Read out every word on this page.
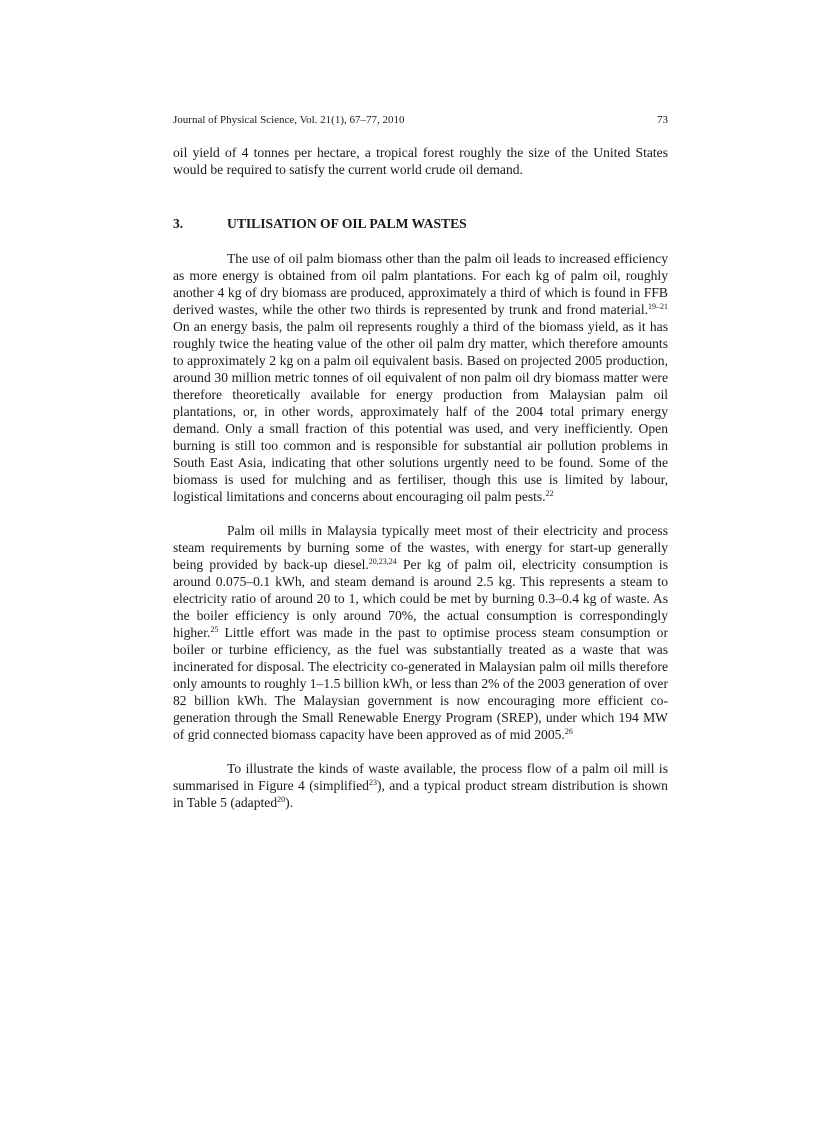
Journal of Physical Science, Vol. 21(1), 67–77, 2010	73

oil yield of 4 tonnes per hectare, a tropical forest roughly the size of the United States would be required to satisfy the current world crude oil demand.

3.	UTILISATION OF OIL PALM WASTES

The use of oil palm biomass other than the palm oil leads to increased efficiency as more energy is obtained from oil palm plantations. For each kg of palm oil, roughly another 4 kg of dry biomass are produced, approximately a third of which is found in FFB derived wastes, while the other two thirds is represented by trunk and frond material.$^{19-21}$ On an energy basis, the palm oil represents roughly a third of the biomass yield, as it has roughly twice the heating value of the other oil palm dry matter, which therefore amounts to approximately 2 kg on a palm oil equivalent basis. Based on projected 2005 production, around 30 million metric tonnes of oil equivalent of non palm oil dry biomass matter were therefore theoretically available for energy production from Malaysian palm oil plantations, or, in other words, approximately half of the 2004 total primary energy demand. Only a small fraction of this potential was used, and very inefficiently. Open burning is still too common and is responsible for substantial air pollution problems in South East Asia, indicating that other solutions urgently need to be found. Some of the biomass is used for mulching and as fertiliser, though this use is limited by labour, logistical limitations and concerns about encouraging oil palm pests.$^{22}$

Palm oil mills in Malaysia typically meet most of their electricity and process steam requirements by burning some of the wastes, with energy for start-up generally being provided by back-up diesel.$^{20,23,24}$ Per kg of palm oil, electricity consumption is around 0.075–0.1 kWh, and steam demand is around 2.5 kg. This represents a steam to electricity ratio of around 20 to 1, which could be met by burning 0.3–0.4 kg of waste. As the boiler efficiency is only around 70%, the actual consumption is correspondingly higher.$^{25}$ Little effort was made in the past to optimise process steam consumption or boiler or turbine efficiency, as the fuel was substantially treated as a waste that was incinerated for disposal. The electricity co-generated in Malaysian palm oil mills therefore only amounts to roughly 1–1.5 billion kWh, or less than 2% of the 2003 generation of over 82 billion kWh. The Malaysian government is now encouraging more efficient co-generation through the Small Renewable Energy Program (SREP), under which 194 MW of grid connected biomass capacity have been approved as of mid 2005.26

To illustrate the kinds of waste available, the process flow of a palm oil mill is summarised in Figure 4 (simplified$^{23}$), and a typical product stream distribution is shown in Table 5 (adapted$^{20}$).
